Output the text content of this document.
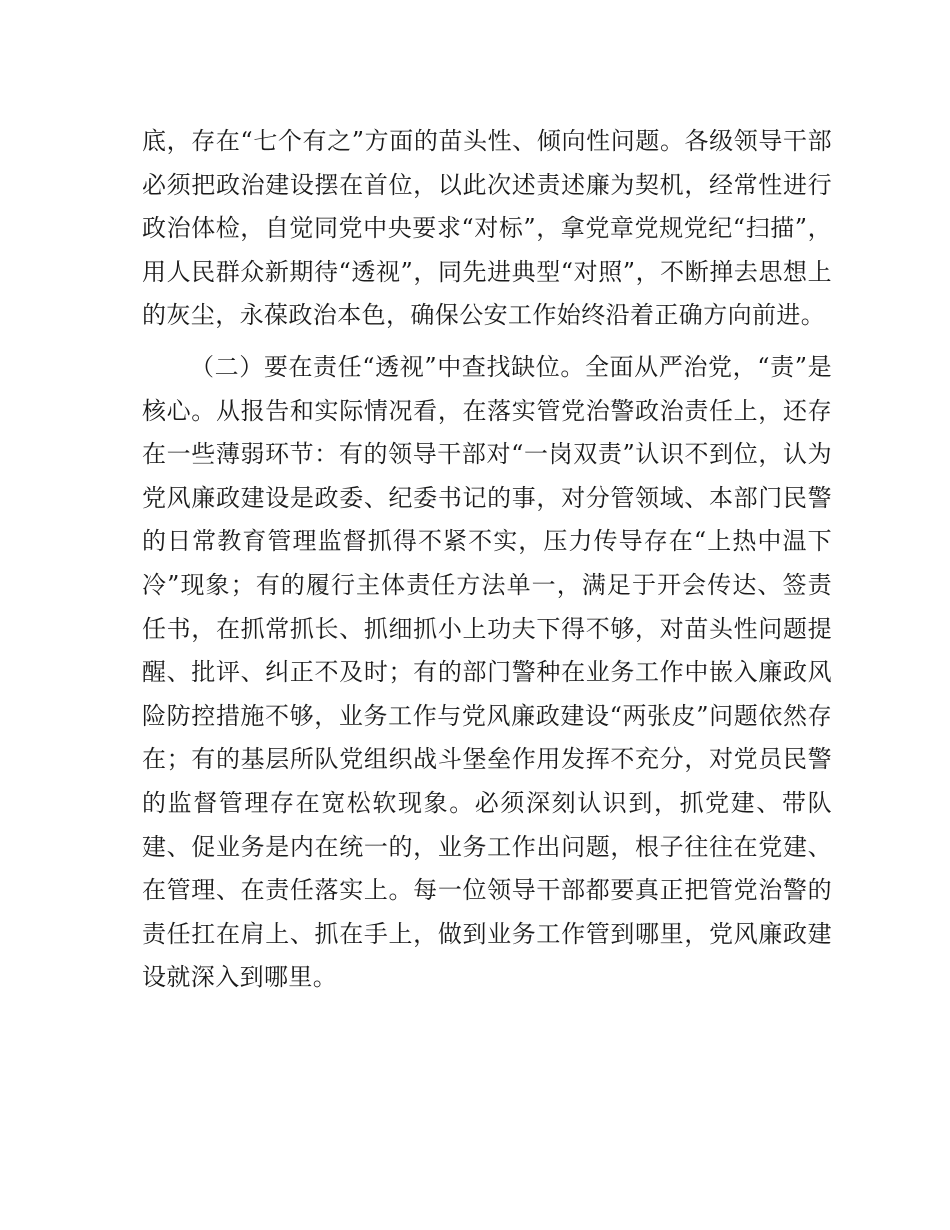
底，存在“七个有之”方面的苗头性、倾向性问题。各级领导干部必须把政治建设摆在首位，以此次述责述廉为契机，经常性进行政治体检，自觉同党中央要求“对标”，拿党章党规党纪“扫描”，用人民群众新期待“透视”，同先进典型“对照”，不断掸去思想上的灰尘，永葆政治本色，确保公安工作始终沿着正确方向前进。

（二）要在责任“透视”中查找缺位。全面从严治党，“责”是核心。从报告和实际情况看，在落实管党治警政治责任上，还存在一些薄弱环节：有的领导干部对“一岗双责”认识不到位，认为党风廉政建设是政委、纪委书记的事，对分管领域、本部门民警的日常教育管理监督抓得不紧不实，压力传导存在“上热中温下冷”现象；有的履行主体责任方法单一，满足于开会传达、签责任书，在抓常抓长、抓细抓小上功夫下得不够，对苗头性问题提醒、批评、纠正不及时；有的部门警种在业务工作中嵌入廉政风险防控措施不够，业务工作与党风廉政建设“两张皮”问题依然存在；有的基层所队党组织战斗堡垒作用发挥不充分，对党员民警的监督管理存在宽松软现象。必须深刻认识到，抓党建、带队建、促业务是内在统一的，业务工作出问题，根子往往在党建、在管理、在责任落实上。每一位领导干部都要真正把管党治警的责任扛在肩上、抓在手上，做到业务工作管到哪里，党风廉政建设就深入到哪里。
